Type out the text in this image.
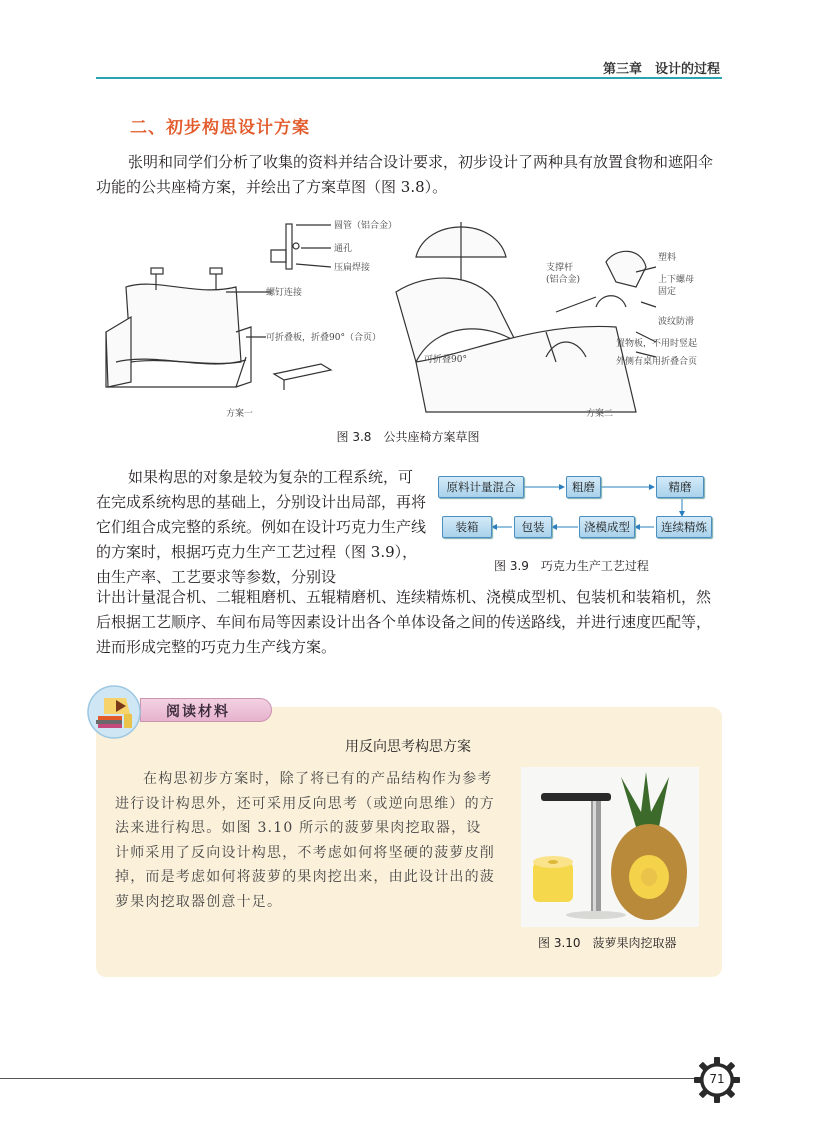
第三章　设计的过程
二、初步构思设计方案

张明和同学们分析了收集的资料并结合设计要求，初步设计了两种具有放置食物和遮阳伞功能的公共座椅方案，并绘出了方案草图（图 3.8）。

圆管（铝合金）
通孔
压扁焊接
螺钉连接
可折叠板，折叠90°（合页）
方案一
可折叠90°
支撑杆
(铝合金)
塑料
上下螺母
固定
波纹防滑
置物板，不用时竖起
外侧有桌用折叠合页
方案二
图 3.8　公共座椅方案草图

如果构思的对象是较为复杂的工程系统，可在完成系统构思的基础上，分别设计出局部，再将它们组合成完整的系统。例如在设计巧克力生产线的方案时，根据巧克力生产工艺过程（图 3.9），由生产率、工艺要求等参数，分别设

原料计量混合	粗磨	精磨
连续精炼
浇模成型
包装
装箱
图 3.9　巧克力生产工艺过程

计出计量混合机、二辊粗磨机、五辊精磨机、连续精炼机、浇模成型机、包装机和装箱机，然后根据工艺顺序、车间布局等因素设计出各个单体设备之间的传送路线，并进行速度匹配等，进而形成完整的巧克力生产线方案。

阅读材料
用反向思考构思方案

在构思初步方案时，除了将已有的产品结构作为参考进行设计构思外，还可采用反向思考（或逆向思维）的方法来进行构思。如图 3.10 所示的菠萝果肉挖取器，设计师采用了反向设计构思，不考虑如何将坚硬的菠萝皮削掉，而是考虑如何将菠萝的果肉挖出来，由此设计出的菠萝果肉挖取器创意十足。

图 3.10　菠萝果肉挖取器
71
